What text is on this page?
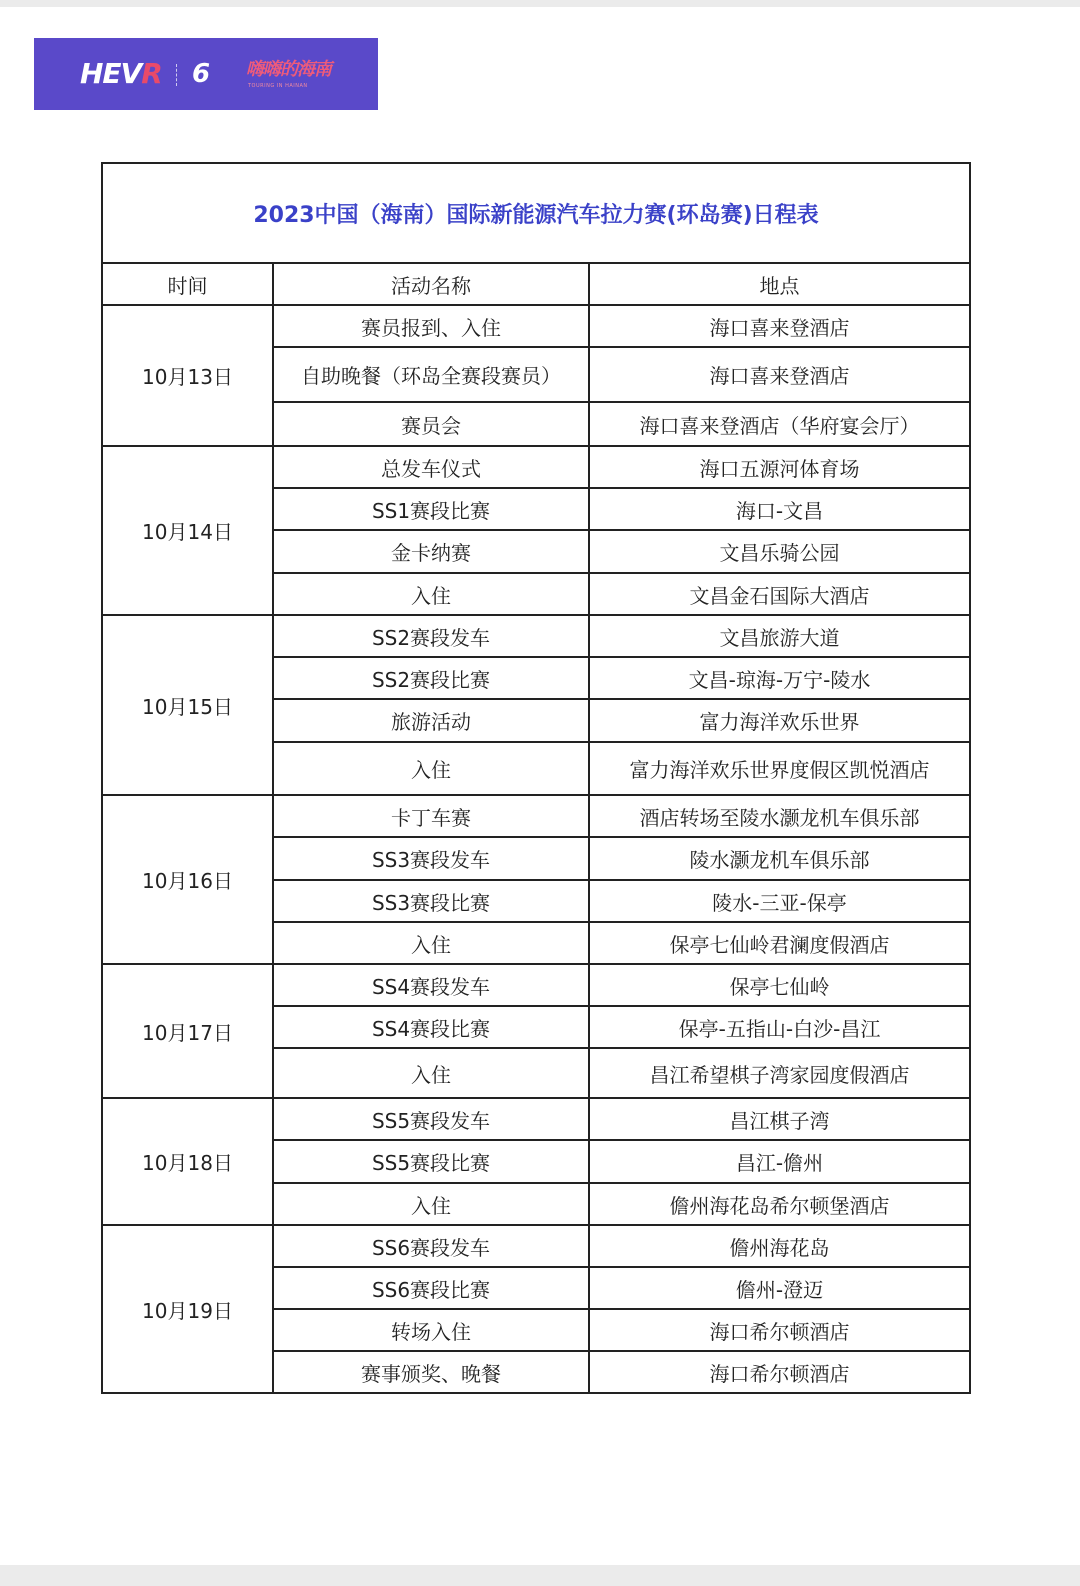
HEVR 6 嗨嗨的海南
TOURING IN HAINAN
2023中国（海南）国际新能源汽车拉力赛(环岛赛)日程表		
时间	活动名称	地点
10月13日	赛员报到、入住	海口喜来登酒店
	自助晚餐（环岛全赛段赛员）	海口喜来登酒店
	赛员会	海口喜来登酒店（华府宴会厅）
10月14日	总发车仪式	海口五源河体育场
	SS1赛段比赛	海口-文昌
	金卡纳赛	文昌乐骑公园
	入住	文昌金石国际大酒店
10月15日	SS2赛段发车	文昌旅游大道
	SS2赛段比赛	文昌-琼海-万宁-陵水
	旅游活动	富力海洋欢乐世界
	入住	富力海洋欢乐世界度假区凯悦酒店
10月16日	卡丁车赛	酒店转场至陵水灏龙机车俱乐部
	SS3赛段发车	陵水灏龙机车俱乐部
	SS3赛段比赛	陵水-三亚-保亭
	入住	保亭七仙岭君澜度假酒店
10月17日	SS4赛段发车	保亭七仙岭
	SS4赛段比赛	保亭-五指山-白沙-昌江
	入住	昌江希望棋子湾家园度假酒店
10月18日	SS5赛段发车	昌江棋子湾
	SS5赛段比赛	昌江-儋州
	入住	儋州海花岛希尔顿堡酒店
10月19日	SS6赛段发车	儋州海花岛
	SS6赛段比赛	儋州-澄迈
	转场入住	海口希尔顿酒店
	赛事颁奖、晚餐	海口希尔顿酒店
